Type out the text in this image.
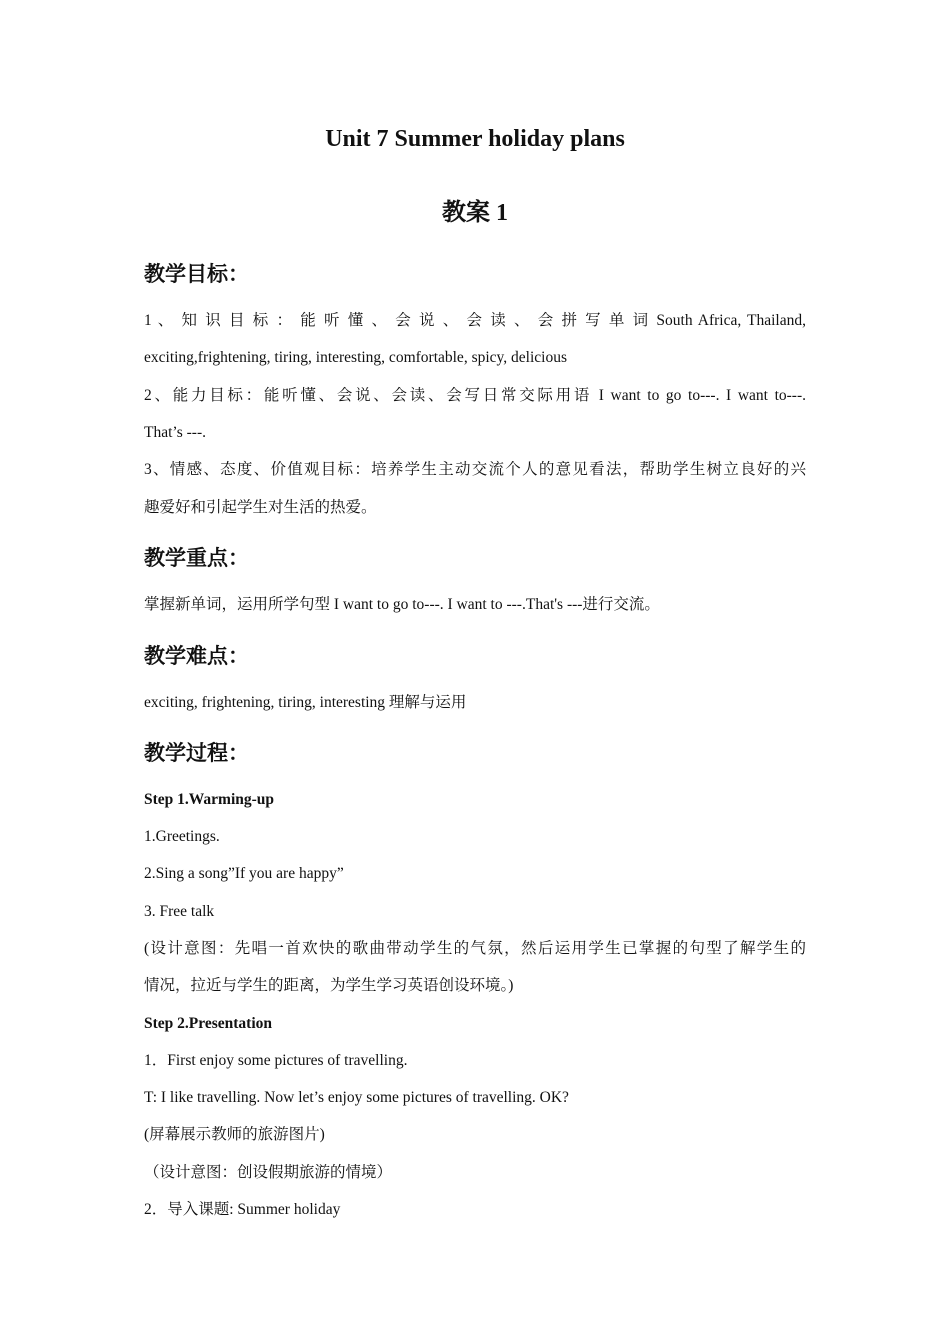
Unit 7 Summer holiday plans
教案 1
教学目标：
1 、 知 识 目 标 ： 能 听 懂 、 会 说 、 会 读 、 会 拼 写 单 词 South Africa, Thailand,
exciting,frightening, tiring, interesting, comfortable, spicy, delicious
2、能力目标：能听懂、会说、会读、会写日常交际用语 I want to go to---. I want to---.
That’s ---.
3、情感、态度、价值观目标：培养学生主动交流个人的意见看法，帮助学生树立良好的兴
趣爱好和引起学生对生活的热爱。
教学重点：
掌握新单词，运用所学句型 I want to go to---. I want to ---.That's ---进行交流。
教学难点：
exciting, frightening, tiring, interesting 理解与运用
教学过程：
Step 1.Warming-up
1.Greetings.
2.Sing a song”If you are happy”
3. Free talk
(设计意图：先唱一首欢快的歌曲带动学生的气氛，然后运用学生已掌握的句型了解学生的
情况，拉近与学生的距离，为学生学习英语创设环境。)
Step 2.Presentation
1．First enjoy some pictures of travelling.
T: I like travelling. Now let’s enjoy some pictures of travelling. OK?
(屏幕展示教师的旅游图片)
（设计意图：创设假期旅游的情境）
2．导入课题: Summer holiday
